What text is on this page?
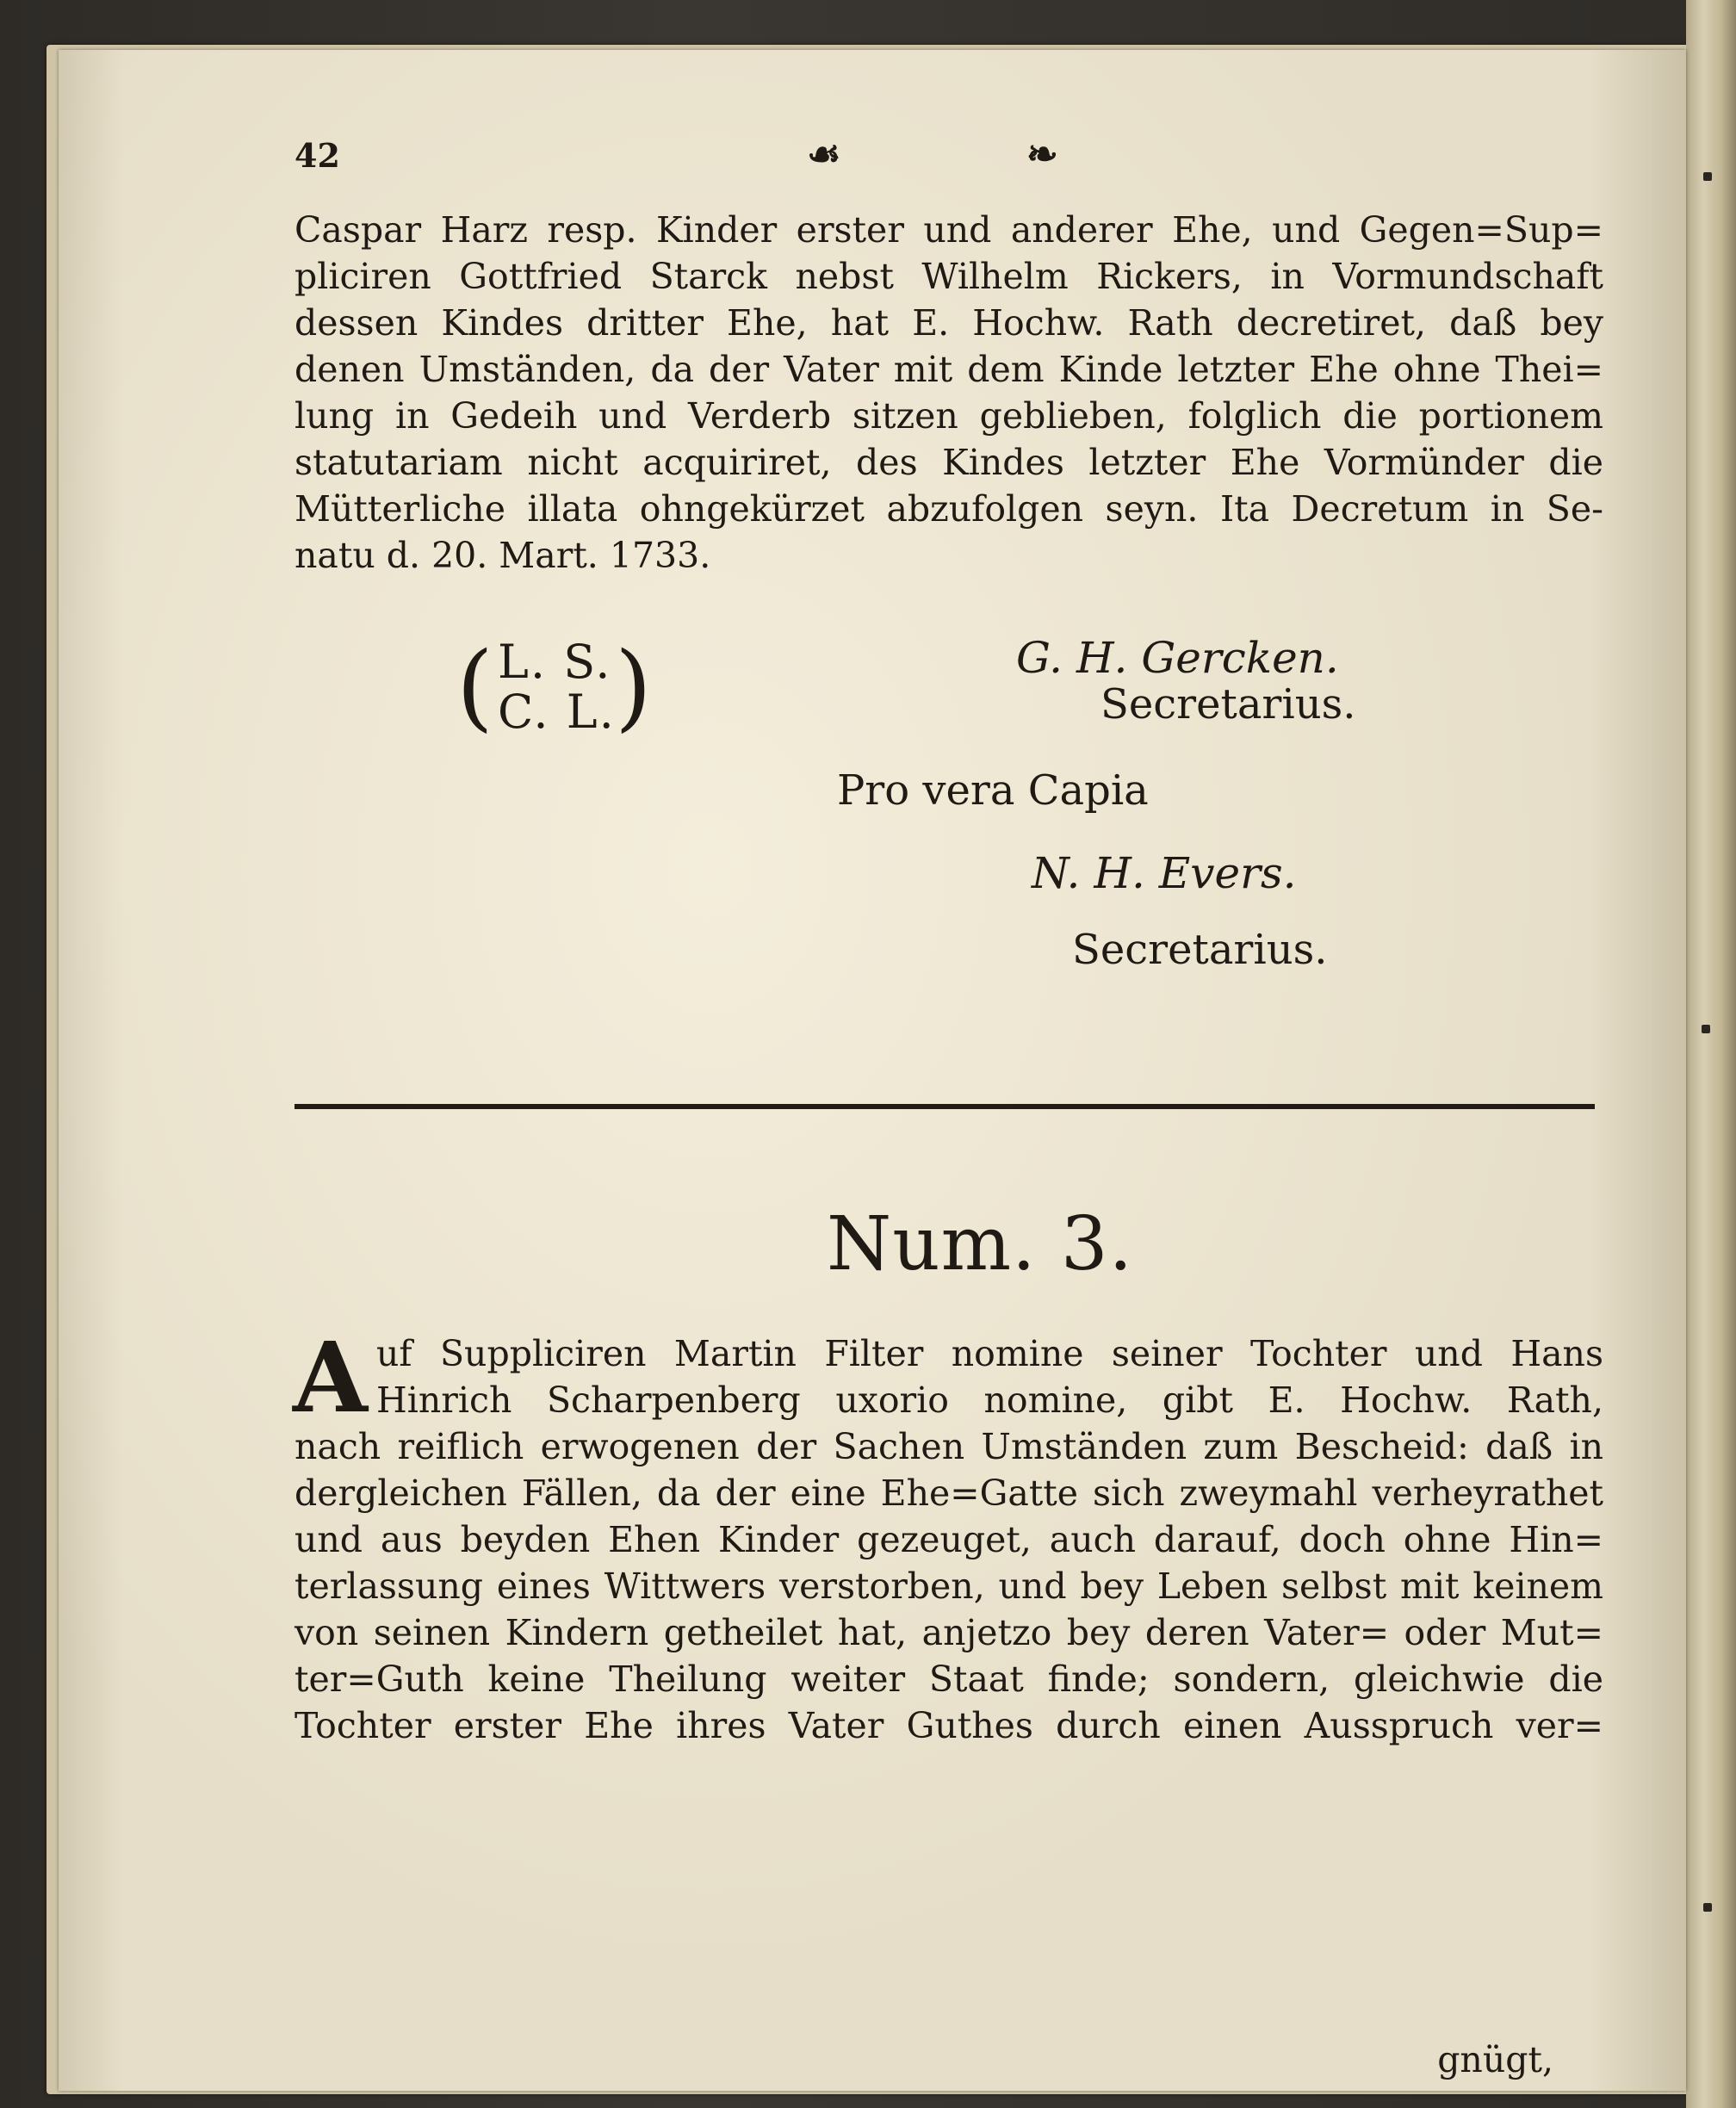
42	☙	❧
Caspar Harz resp. Kinder erster und anderer Ehe, und Gegen=Sup=
pliciren Gottfried Starck nebst Wilhelm Rickers, in Vormundschaft
dessen Kindes dritter Ehe, hat E. Hochw. Rath decretiret, daß bey
denen Umständen, da der Vater mit dem Kinde letzter Ehe ohne Thei=
lung in Gedeih und Verderb sitzen geblieben, folglich die portionem
statutariam nicht acquiriret, des Kindes letzter Ehe Vormünder die
Mütterliche illata ohngekürzet abzufolgen seyn. Ita Decretum in Se-
natu d. 20. Mart. 1733.
( L. S.
C. L. )	G. H. Gercken.
Secretarius.
Pro vera Capia
N. H. Evers.
Secretarius.
Num. 3.
A uf Suppliciren Martin Filter nomine seiner Tochter und Hans
Hinrich Scharpenberg uxorio nomine, gibt E. Hochw. Rath,
nach reiflich erwogenen der Sachen Umständen zum Bescheid: daß in
dergleichen Fällen, da der eine Ehe=Gatte sich zweymahl verheyrathet
und aus beyden Ehen Kinder gezeuget, auch darauf, doch ohne Hin=
terlassung eines Wittwers verstorben, und bey Leben selbst mit keinem
von seinen Kindern getheilet hat, anjetzo bey deren Vater= oder Mut=
ter=Guth keine Theilung weiter Staat finde; sondern, gleichwie die
Tochter erster Ehe ihres Vater Guthes durch einen Ausspruch ver=
gnügt,
